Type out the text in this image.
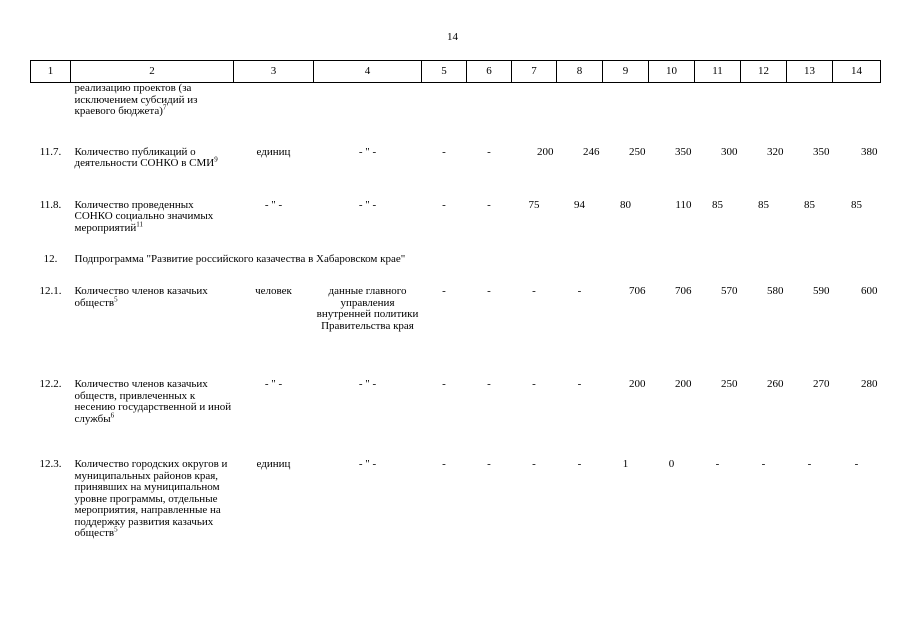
14
1	2	3	4	5	6	7	8	9	10	11	12	13	14
	реализацию проектов (за исключением субсидий из краевого бюджета)$^7$												
11.7.	Количество публикаций о деятельности СОНКО в СМИ$^9$	единиц	- " -	-	-	200	246	250	350	300	320	350	380
11.8.	Количество проведенных СОНКО социально значимых мероприятий$^{11}$	- " -	- " -	-	-	75	94	80	110	85	85	85	85
12.	Подпрограмма "Развитие российского казачества в Хабаровском крае"												
12.1.	Количество членов казачьих обществ$^5$	человек	данные главного управления внутренней политики Правительства края	-	-	-	-	706	706	570	580	590	600
12.2.	Количество членов казачьих обществ, привлеченных к несению государственной и иной службы$^6$	- " -	- " -	-	-	-	-	200	200	250	260	270	280
12.3.	Количество городских округов и муниципальных районов края, принявших на муниципальном уровне программы, отдельные мероприятия, направленные на поддержку развития казачьих обществ$^5$	единиц	- " -	-	-	-	-	1	0	-	-	-	-
